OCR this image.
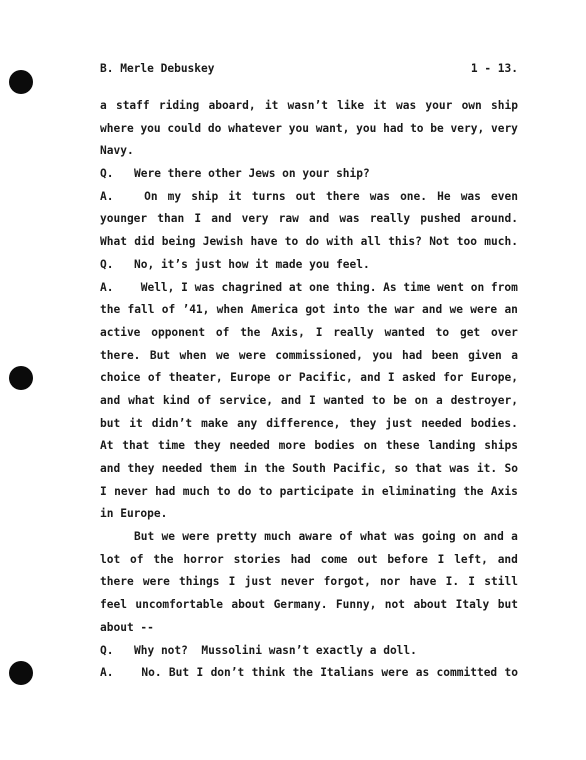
B. Merle Debuskey	1 - 13.
a staff riding aboard, it wasn’t like it was your own ship
where you could do whatever you want, you had to be very, very
Navy.
Q.	Were there other Jews on your ship?
A.	On my ship it turns out there was one. He was even
younger than I and very raw and was really pushed around.
What did being Jewish have to do with all this? Not too much.
Q.	No, it’s just how it made you feel.
A.	Well, I was chagrined at one thing. As time went on from
the fall of ’41, when America got into the war and we were an
active opponent of the Axis, I really wanted to get over
there. But when we were commissioned, you had been given a
choice of theater, Europe or Pacific, and I asked for Europe,
and what kind of service, and I wanted to be on a destroyer,
but it didn’t make any difference, they just needed bodies.
At that time they needed more bodies on these landing ships
and they needed them in the South Pacific, so that was it. So
I never had much to do to participate in eliminating the Axis
in Europe.
But we were pretty much aware of what was going on and a
lot of the horror stories had come out before I left, and
there were things I just never forgot, nor have I. I still
feel uncomfortable about Germany. Funny, not about Italy but
about --
Q.	Why not?  Mussolini wasn’t exactly a doll.
A.	No. But I don’t think the Italians were as committed to
